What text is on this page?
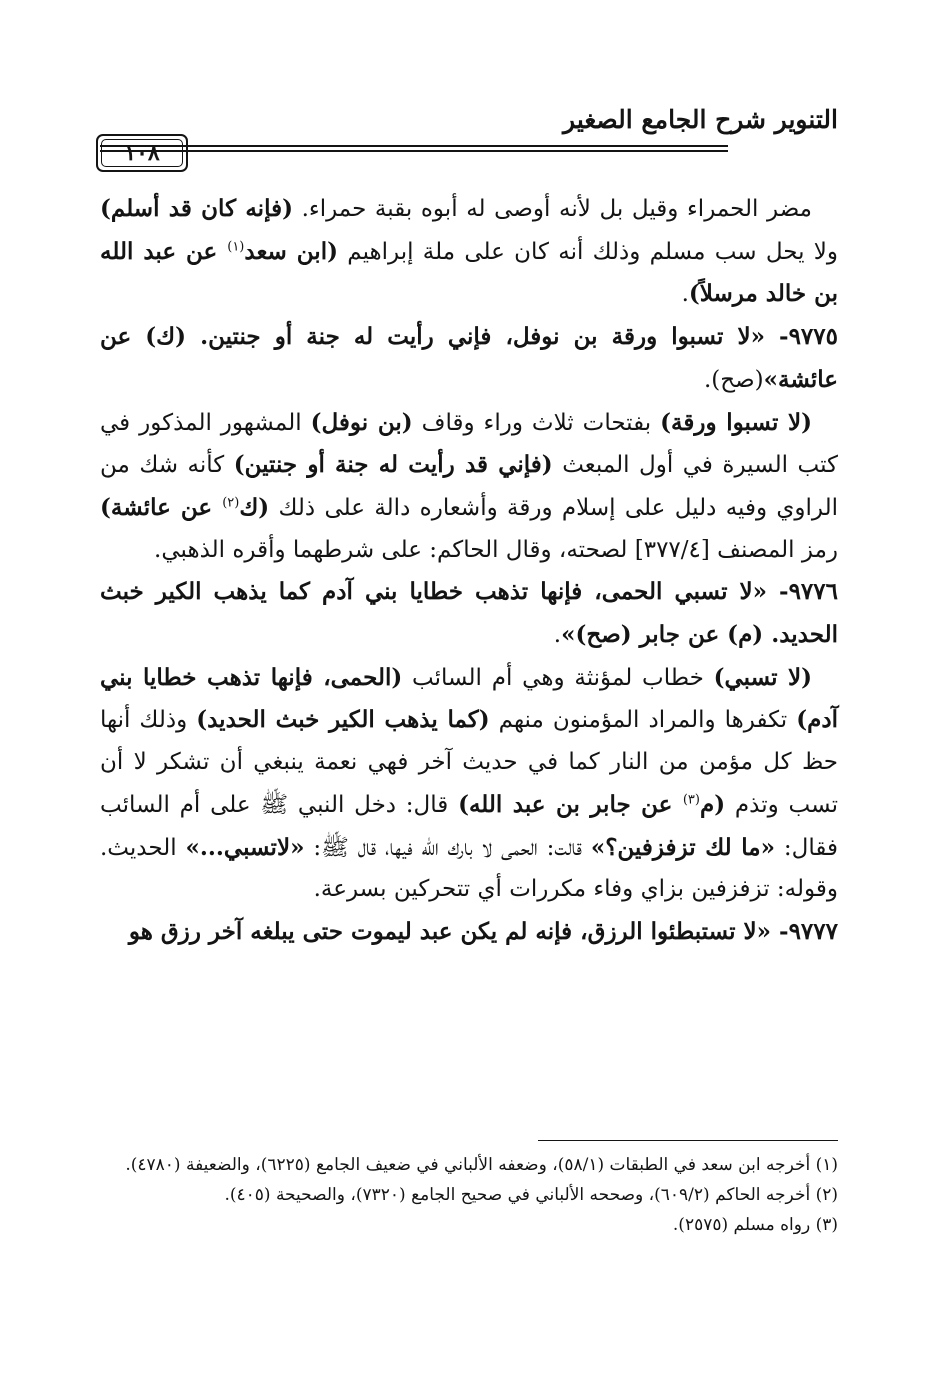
التنوير شرح الجامع الصغير
١٠٨

مضر الحمراء وقيل بل لأنه أوصى له أبوه بقبة حمراء. (فإنه كان قد أسلم) ولا يحل سب مسلم وذلك أنه كان على ملة إبراهيم (ابن سعد$^{(١)}$ عن عبد الله بن خالد مرسلاً).

٩٧٧٥- «لا تسبوا ورقة بن نوفل، فإني رأيت له جنة أو جنتين. (ك) عن عائشة»(صح).

(لا تسبوا ورقة) بفتحات ثلاث وراء وقاف (بن نوفل) المشهور المذكور في كتب السيرة في أول المبعث (فإني قد رأيت له جنة أو جنتين) كأنه شك من الراوي وفيه دليل على إسلام ورقة وأشعاره دالة على ذلك (ك$^{(٢)}$ عن عائشة) رمز المصنف [٣٧٧/٤] لصحته، وقال الحاكم: على شرطهما وأقره الذهبي.

٩٧٧٦- «لا تسبي الحمى، فإنها تذهب خطايا بني آدم كما يذهب الكير خبث الحديد. (م) عن جابر (صح)».

(لا تسبي) خطاب لمؤنثة وهي أم السائب (الحمى، فإنها تذهب خطايا بني آدم) تكفرها والمراد المؤمنون منهم (كما يذهب الكير خبث الحديد) وذلك أنها حظ كل مؤمن من النار كما في حديث آخر فهي نعمة ينبغي أن تشكر لا أن تسب وتذم (م$^{(٣)}$ عن جابر بن عبد الله) قال: دخل النبي ﷺ على أم السائب فقال: «ما لك تزفزفين؟» قالت: الحمى لا بارك الله فيها، قال ﷺ: «لاتسبي...» الحديث. وقوله: تزفزفين بزاي وفاء مكررات أي تتحركين بسرعة.

٩٧٧٧- «لا تستبطئوا الرزق، فإنه لم يكن عبد ليموت حتى يبلغه آخر رزق هو

(١) أخرجه ابن سعد في الطبقات (٥٨/١)، وضعفه الألباني في ضعيف الجامع (٦٢٢٥)، والضعيفة (٤٧٨٠).

(٢) أخرجه الحاكم (٦٠٩/٢)، وصححه الألباني في صحيح الجامع (٧٣٢٠)، والصحيحة (٤٠٥).

(٣) رواه مسلم (٢٥٧٥).
